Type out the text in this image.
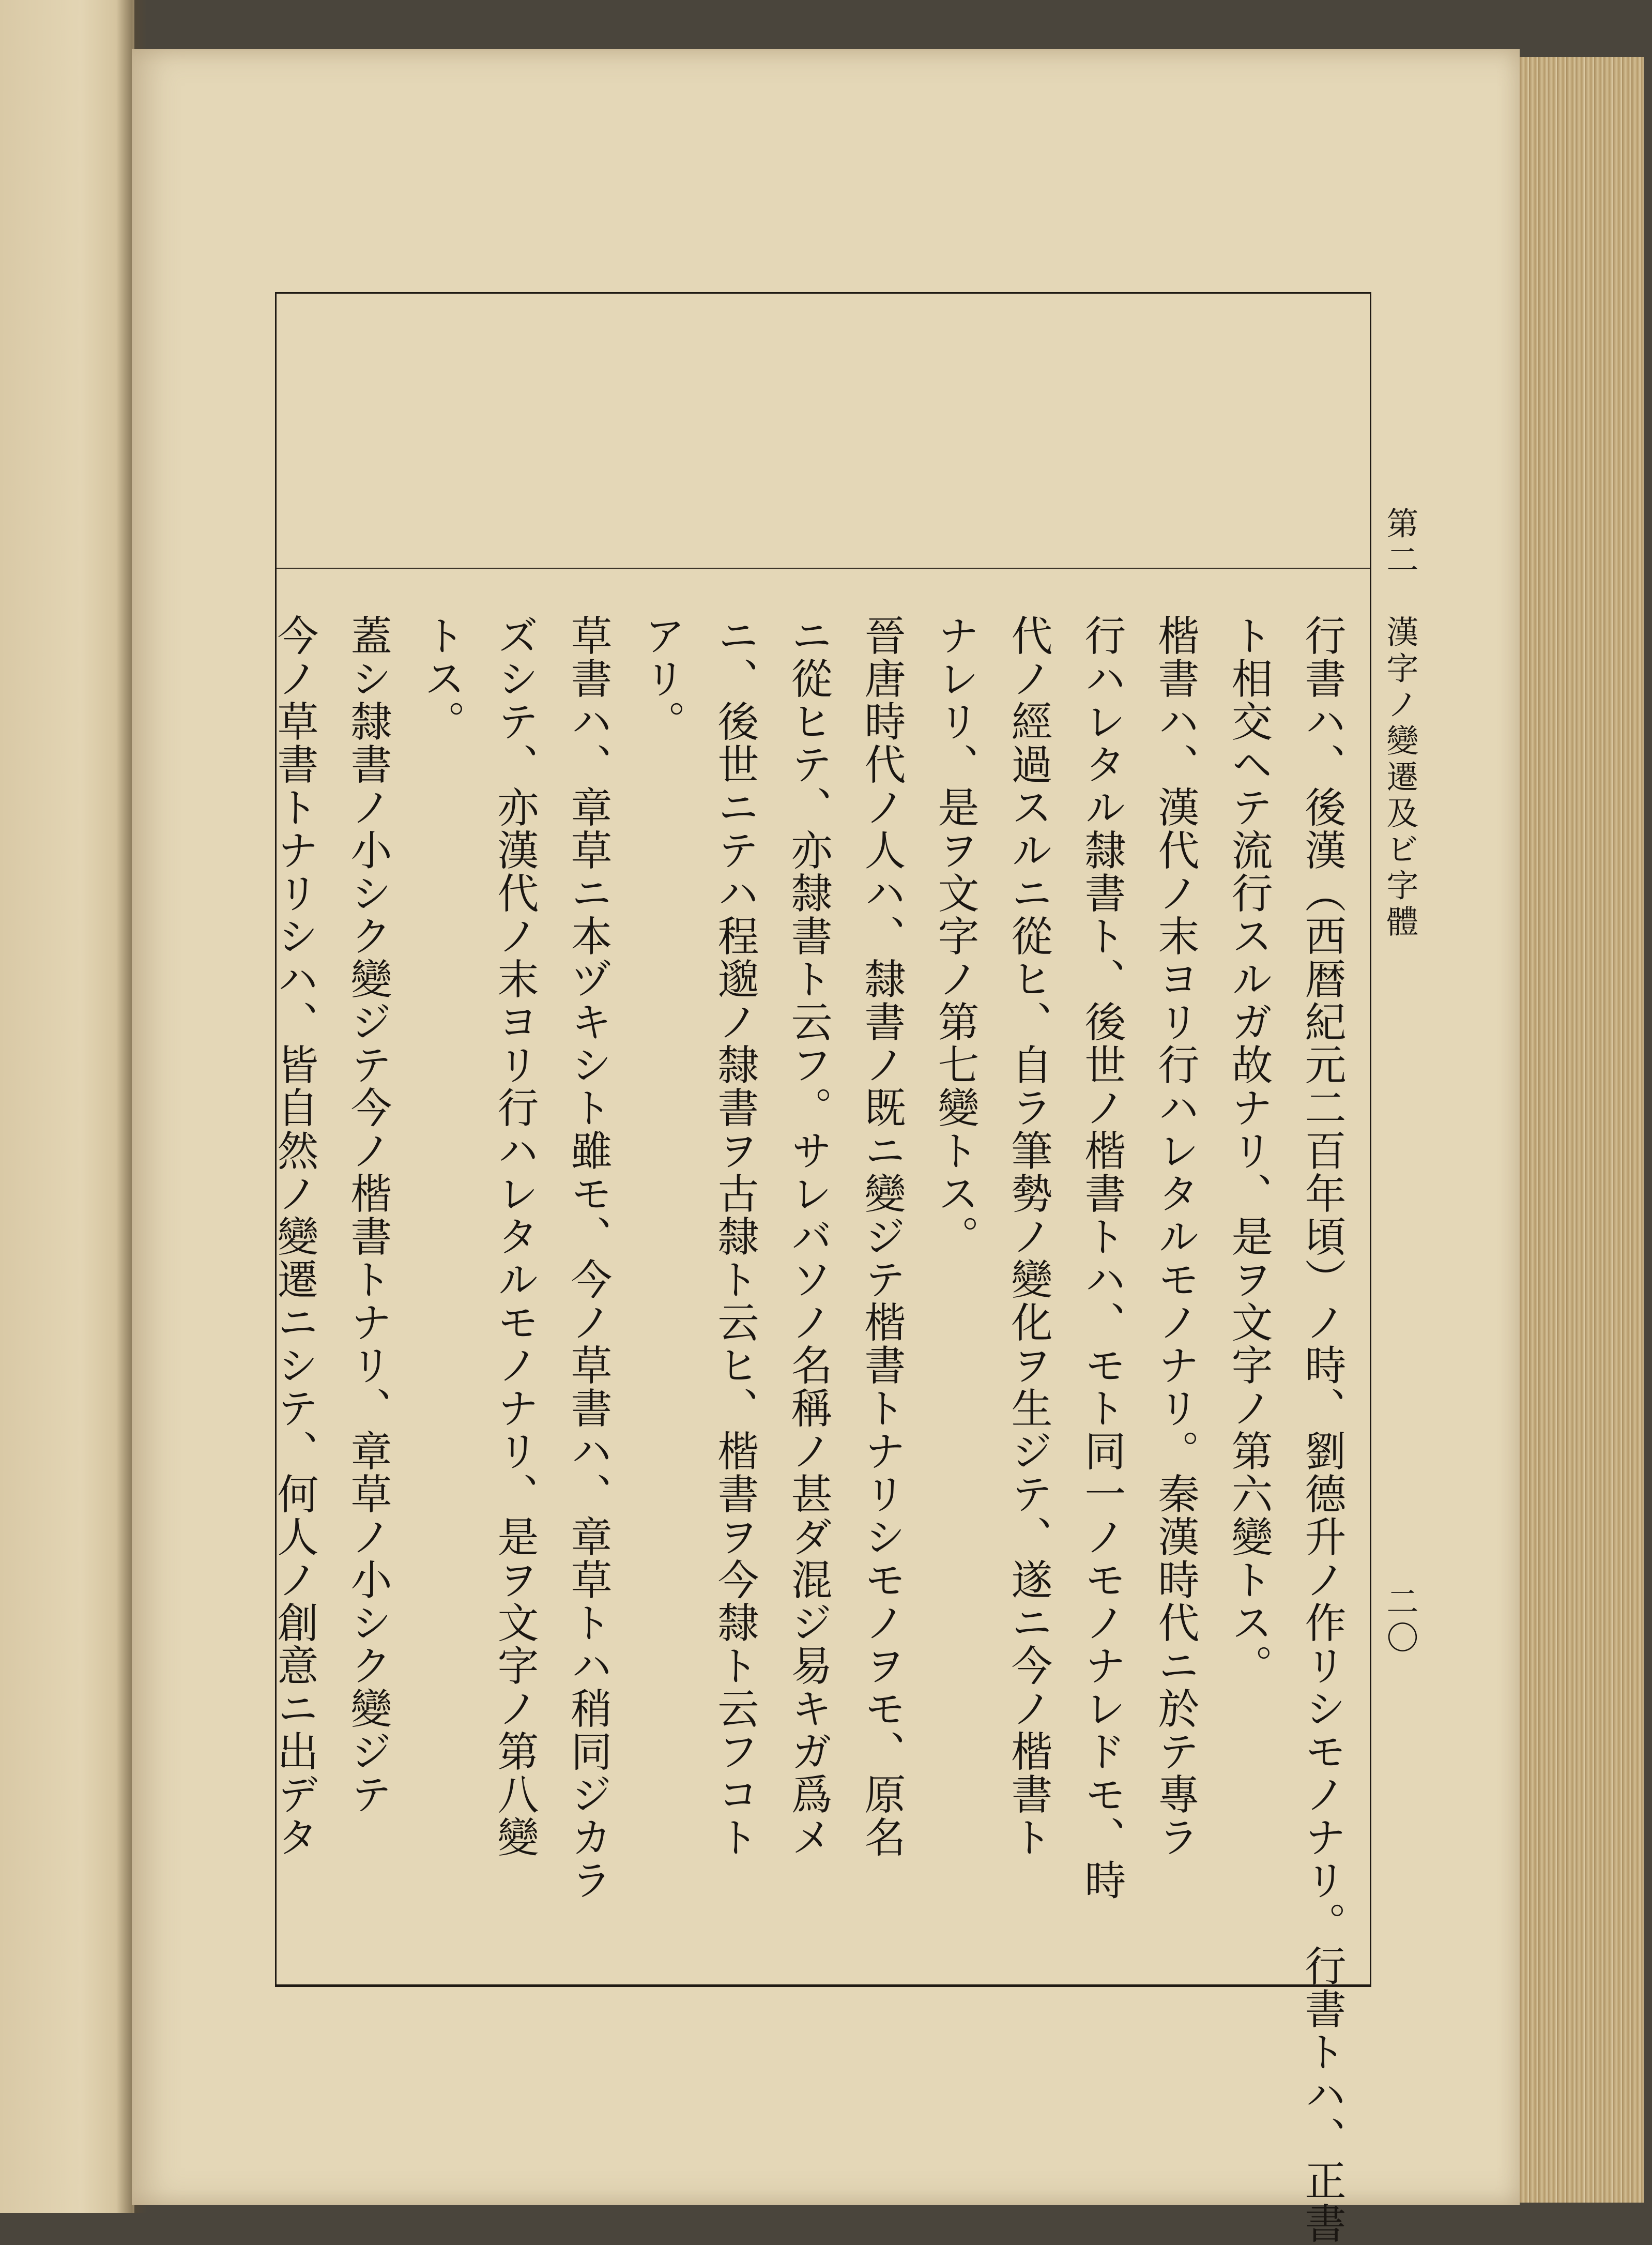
行書ハ、後漢（西暦紀元二百年頃）ノ時、劉德升ノ作リシモノナリ。行書トハ、正書
ト相交ヘテ流行スルガ故ナリ、是ヲ文字ノ第六變トス。
楷書ハ、漢代ノ末ヨリ行ハレタルモノナリ。秦漢時代ニ於テ專ラ
行ハレタル隸書ト、後世ノ楷書トハ、モト同一ノモノナレドモ、時
代ノ經過スルニ從ヒ、自ラ筆勢ノ變化ヲ生ジテ、遂ニ今ノ楷書ト
ナレリ、是ヲ文字ノ第七變トス。
晉唐時代ノ人ハ、隸書ノ既ニ變ジテ楷書トナリシモノヲモ、原名
ニ從ヒテ、亦隸書ト云フ。サレバソノ名稱ノ甚ダ混ジ易キガ爲メ
ニ、後世ニテハ程邈ノ隸書ヲ古隸ト云ヒ、楷書ヲ今隸ト云フコト
アリ。
草書ハ、章草ニ本ヅキシト雖モ、今ノ草書ハ、章草トハ稍同ジカラ
ズシテ、亦漢代ノ末ヨリ行ハレタルモノナリ、是ヲ文字ノ第八變
トス。
蓋シ隸書ノ小シク變ジテ今ノ楷書トナリ、章草ノ小シク變ジテ
今ノ草書トナリシハ、皆自然ノ變遷ニシテ、何人ノ創意ニ出デタ	第二　漢字ノ變遷及ビ字體
二〇
